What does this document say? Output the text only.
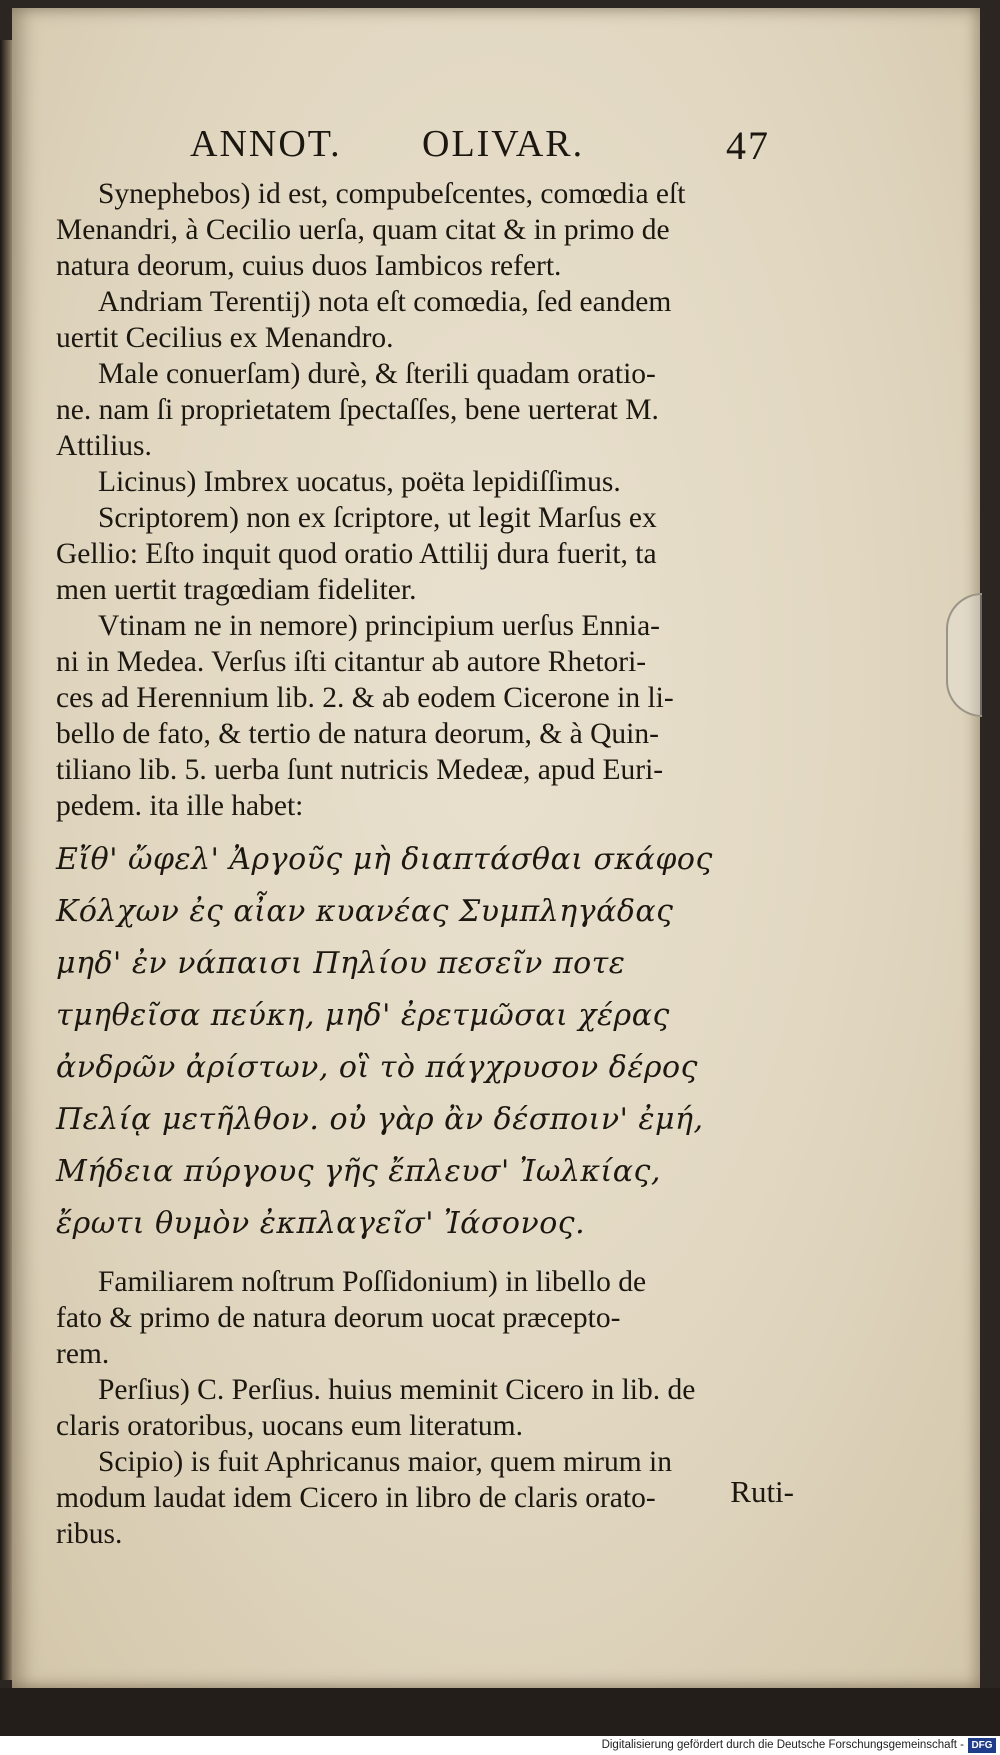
ANNOT. OLIVAR.	47
Synephebos) id est, compubeſcentes, comœdia eſt
Menandri, à Cecilio uerſa, quam citat & in primo de
natura deorum, cuius duos Iambicos refert.
Andriam Terentij) nota eſt comœdia, ſed eandem
uertit Cecilius ex Menandro.
Male conuerſam) durè, & ſterili quadam oratio-
ne. nam ſi proprietatem ſpectaſſes, bene uerterat M.
Attilius.
Licinus) Imbrex uocatus, poëta lepidiſſimus.
Scriptorem) non ex ſcriptore, ut legit Marſus ex
Gellio: Eſto inquit quod oratio Attilij dura fuerit, ta
men uertit tragœdiam fideliter.
Vtinam ne in nemore) principium uerſus Ennia-
ni in Medea. Verſus iſti citantur ab autore Rhetori-
ces ad Herennium lib. 2. & ab eodem Cicerone in li-
bello de fato, & tertio de natura deorum, & à Quin-
tiliano lib. 5. uerba ſunt nutricis Medeæ, apud Euri-
pedem. ita ille habet:
Εἴθ' ὤφελ' Ἀργοῦς μὴ διαπτάσθαι σκάφος
Κόλχων ἐς αἶαν κυανέας Συμπληγάδας
μηδ' ἐν νάπαισι Πηλίου πεσεῖν ποτε
τμηθεῖσα πεύκη, μηδ' ἐρετμῶσαι χέρας
ἀνδρῶν ἀρίστων, οἳ τὸ πάγχρυσον δέρος
Πελίᾳ μετῆλθον. οὐ γὰρ ἂν δέσποιν' ἐμή,
Μήδεια πύργους γῆς ἔπλευσ' Ἰωλκίας,
ἔρωτι θυμὸν ἐκπλαγεῖσ' Ἰάσονος.
Familiarem noſtrum Poſſidonium) in libello de
fato & primo de natura deorum uocat præcepto-
rem.
Perſius) C. Perſius. huius meminit Cicero in lib. de
claris oratoribus, uocans eum literatum.
Scipio) is fuit Aphricanus maior, quem mirum in
modum laudat idem Cicero in libro de claris orato-
ribus.
Ruti-
Digitalisierung gefördert durch die Deutsche Forschungsgemeinschaft - DFG
